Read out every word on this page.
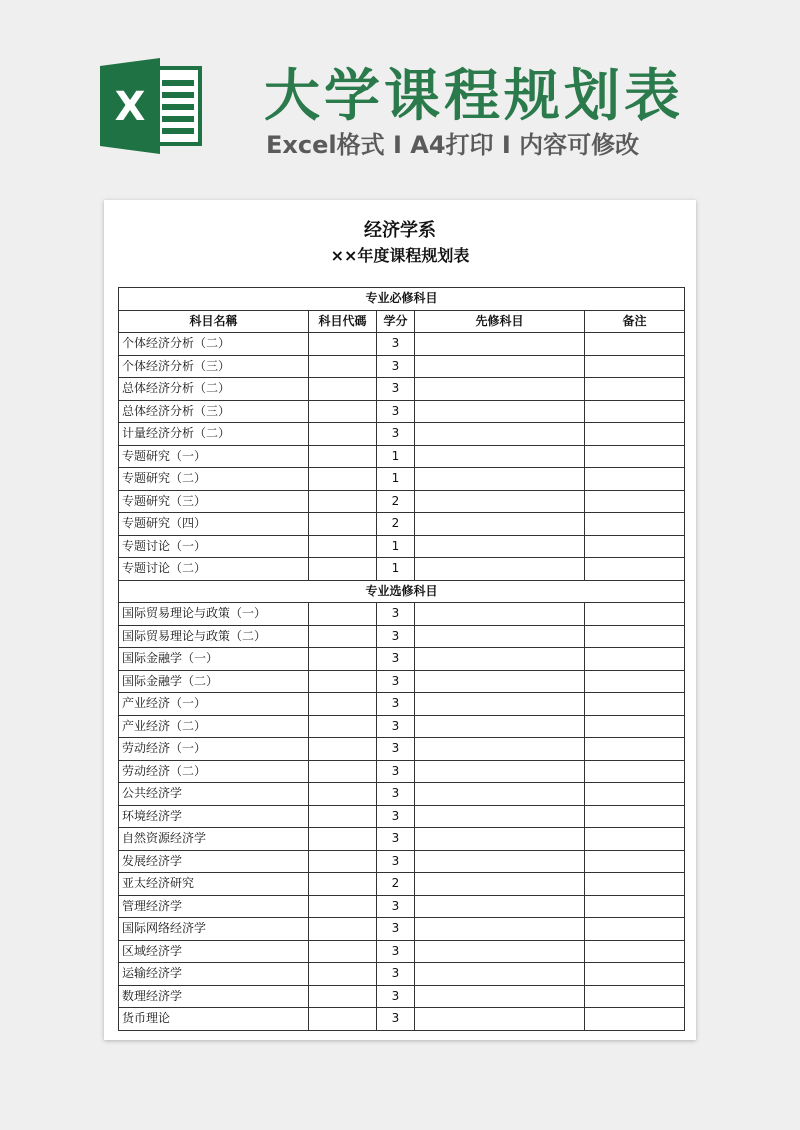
X 大学课程规划表
Excel格式 I A4打印 I 内容可修改
经济学系
××年度课程规划表
专业必修科目				
科目名稱	科目代碼	学分	先修科目	备注
个体经济分析（二）		3		
个体经济分析（三）		3		
总体经济分析（二）		3		
总体经济分析（三）		3		
计量经济分析（二）		3		
专题研究（一）		1		
专题研究（二）		1		
专题研究（三）		2		
专题研究（四）		2		
专题讨论（一）		1		
专题讨论（二）		1		
专业选修科目				
国际贸易理论与政策（一）		3		
国际贸易理论与政策（二）		3		
国际金融学（一）		3		
国际金融学（二）		3		
产业经济（一）		3		
产业经济（二）		3		
劳动经济（一）		3		
劳动经济（二）		3		
公共经济学		3		
环境经济学		3		
自然资源经济学		3		
发展经济学		3		
亚太经济研究		2		
管理经济学		3		
国际网络经济学		3		
区域经济学		3		
运输经济学		3		
数理经济学		3		
货币理论		3		
